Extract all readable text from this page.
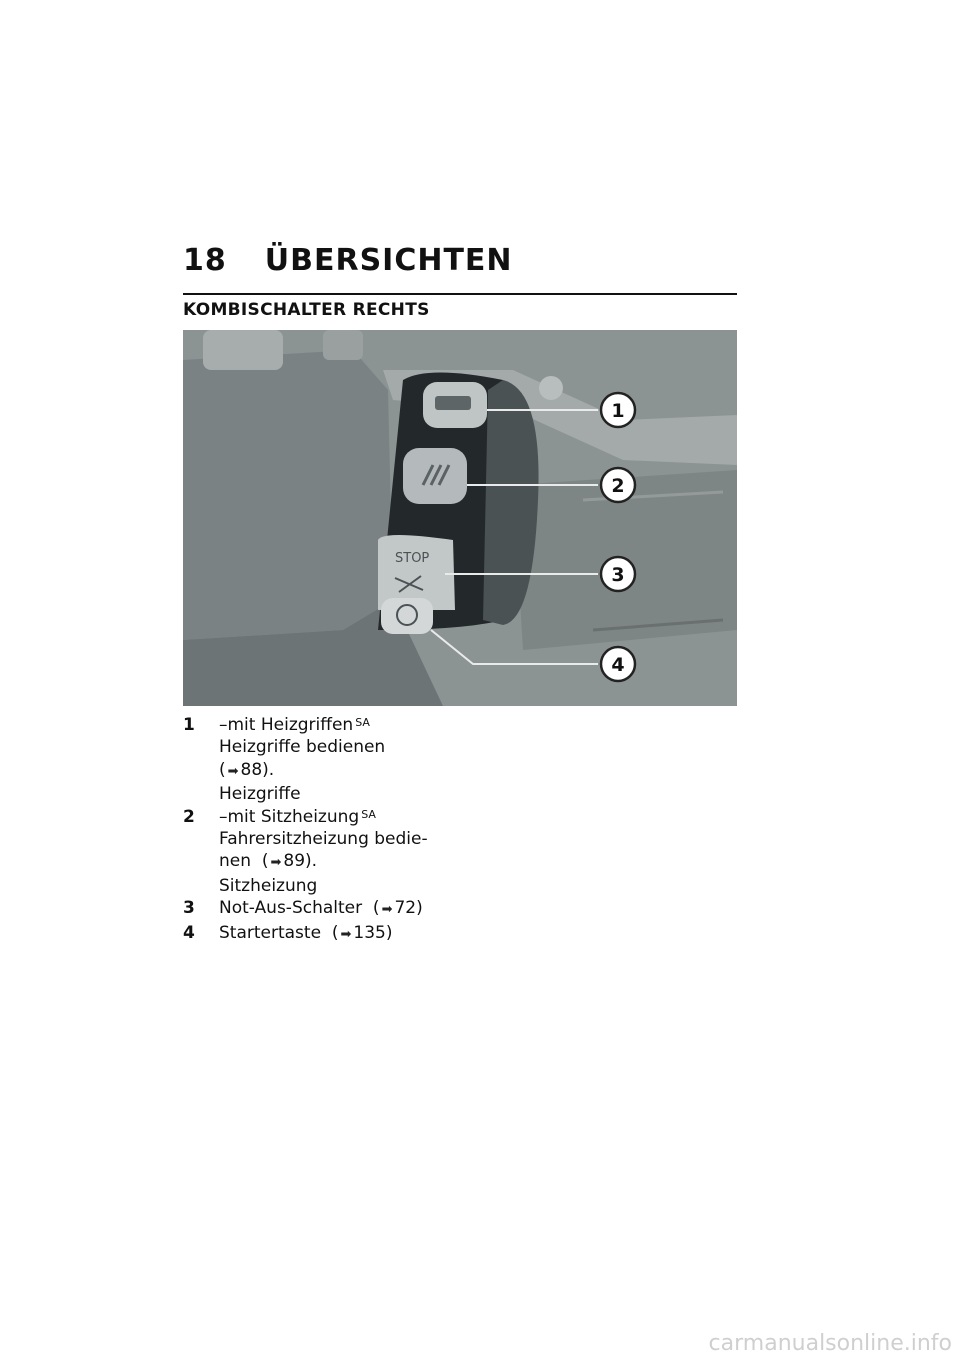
18 ÜBERSICHTEN
KOMBISCHALTER RECHTS
STOP
1
2
3
4
1	–mit Heizgriffen $^{SA}$
Heizgriffe bedienen
( ➡ 88).
Heizgriffe
2	–mit Sitzheizung $^{SA}$
Fahrersitzheizung bedie-
nen  ( ➡ 89).
Sitzheizung
3	Not-Aus-Schalter  ( ➡ 72)
4	Startertaste  ( ➡ 135)
carmanualsonline.info
